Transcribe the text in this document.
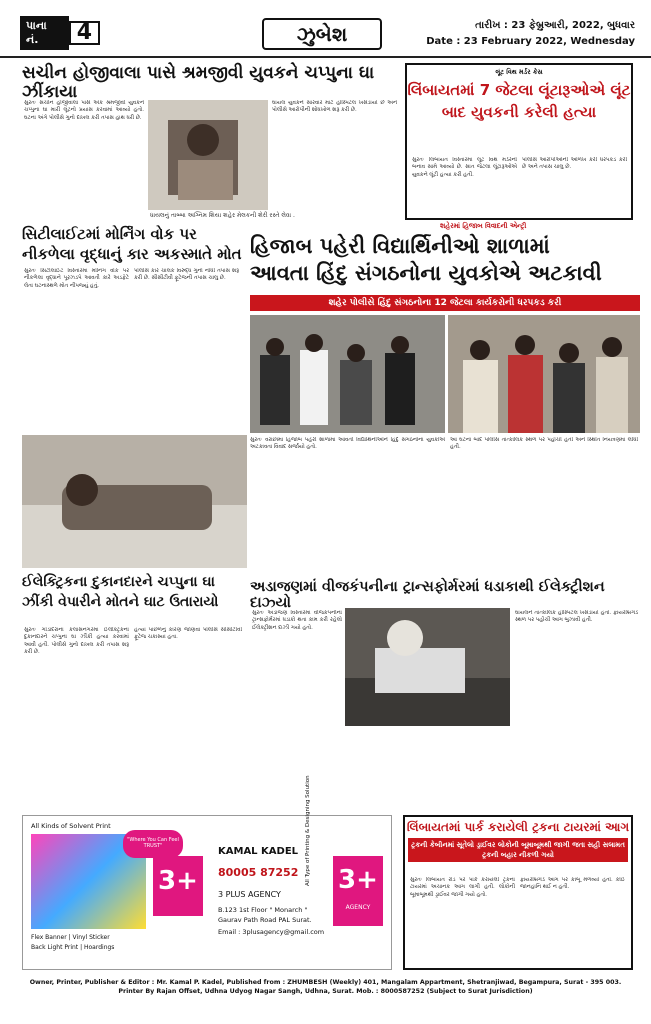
પાના નં.	4	ઝુબેશ	તારીખ : 23 ફેબ્રુઆરી, 2022, બુધવાર
Date : 23 February 2022, Wednesday
સચીન હોજીવાલા પાસે શ્રમજીવી યુવકને ચપ્પુના ઘા ઝીંકાયા
સુરતઃ સચીન હોજીવાલા પાસે એક શ્રમજીવી યુવકને ચપ્પુના ઘા મારી લૂંટનો પ્રયાસ કરવામાં આવ્યો હતો. ઘટના અંગે પોલીસે ગુનો દાખલ કરી તપાસ હાથ ધરી છે.
ધાયલનું તાબ્બા અગ્નિમ શિયા શહેર મેલકની શેરી રસ્તે લેવા .
ઘાયલ યુવકને સારવાર માટે હોસ્પિટલ ખસેડાયો છે અને પોલીસે આરોપીની શોધખોળ શરૂ કરી છે.
લૂંટ વિથ મર્ડર કેસ
લિંબાયતમાં 7 જેટલા લૂંટારૂઓએ લૂંટ બાદ યુવકની કરેલી હત્યા
સુરતઃ લિંબાયત વિસ્તારમાં લૂંટ વિથ મર્ડરનો બનાવ સામે આવ્યો છે. સાત જેટલા લૂંટારૂઓએ યુવકને લૂંટી હત્યા કરી હતી.
પોલીસે આરોપીઓની ઓળખ કરી ધરપકડ કરી છે અને તપાસ ચાલુ છે.
સિટીલાઈટમાં મોર્નિંગ વોક પર નીકળેલા વૃદ્ધાનું કાર અકસ્માતે મોત
સુરતઃ સિટીલાઈટ વિસ્તારમાં મોર્નિંગ વોક પર નીકળેલા વૃદ્ધાને પૂરઝડપે આવતી કારે અડફેટે લેતા ઘટનાસ્થળે મોત નીપજ્યું હતું.
પોલીસે કાર ચાલક વિરુદ્ધ ગુનો નોંધી તપાસ શરૂ કરી છે. સીસીટીવી ફૂટેજની તપાસ ચાલુ છે.
શહેરમાં હિજાબ વિવાદની એન્ટ્રી
હિજાબ પહેરી વિદ્યાર્થિનીઓ શાળામાં
આવતા હિંદુ સંગઠનોના યુવકોએ અટકાવી
શહેર પોલીસે હિંદુ સંગઠનોના 12 જેટલા કાર્યકરોની ધરપકડ કરી
સુરતઃ વરાછામાં હિજાબ પહેરી શાળામાં આવતી વિદ્યાર્થિનીઓને હિંદુ સંગઠનોના યુવકોએ અટકાવતા વિવાદ સર્જાયો હતો.
આ ઘટના બાદ પોલીસ તાત્કાલિક સ્થળ પર પહોંચી હતી અને સ્થિતિ નિયંત્રણમાં લીધી હતી.
ઈલેક્ટ્રિકના દુકાનદારને ચપ્પુના ઘા ઝીંકી વેપારીને મોતને ઘાટ ઉતારાયો
સુરતઃ ગોડાદરાના કૈલાસનગરમાં ઈલેક્ટ્રિકના દુકાનદારને ચપ્પુના ઘા ઝીંકી હત્યા કરવામાં આવી હતી. પોલીસે ગુનો દાખલ કરી તપાસ શરૂ કરી છે.
હત્યા પાછળનું કારણ જાણવા પોલીસે સીસીટીવી ફૂટેજ ચકાસ્યા હતા.
અડાજણમાં વીજકંપનીના ટ્રાન્સફોર્મરમાં ધડાકાથી ઈલેક્ટ્રીશન દાઝ્યો
સુરતઃ અડાજણ વિસ્તારમાં વીજકંપનીના ટ્રાન્સફોર્મરમાં ધડાકો થતા કામ કરી રહેલો ઈલેક્ટ્રીશન દાઝી ગયો હતો.
ઘાયલને તાત્કાલિક હોસ્પિટલ ખસેડાયો હતો. ફાયરબ્રિગેડે સ્થળ પર પહોંચી આગ બુઝાવી હતી.
All Kinds of Solvent Print
"Where You Can Feel TRUST"
3+
KAMAL KADEL
80005 87252
3 PLUS AGENCY
B.123 1st Floor " Monarch "
Gaurav Path Road PAL Surat.
Email : 3plusagency@gmail.com
Flex Banner | Vinyl Sticker
Back Light Print | Hoardings
All Type of Printing & Designing Solution 3+
AGENCY
લિંબાયતમાં પાર્ક કરાયેલી ટ્રકના ટાયરમાં આગ
ટ્રકની કેબીનમાં સૂતેલો ડ્રાઈવર લોકોની બૂમાબૂમથી જાગી જતા સહી સલામત ટ્રકની બહાર નીકળી ગયો
સુરતઃ લિંબાયત રોડ પર પાર્ક કરાયેલી ટ્રકના ટાયરમાં અચાનક આગ લાગી હતી. લોકોની બૂમાબૂમથી ડ્રાઈવર જાગી ગયો હતો.
ફાયરબ્રિગેડે આગ પર કાબૂ મેળવ્યો હતો. કોઈ જાનહાનિ થઈ ન હતી.
Owner, Printer, Publisher & Editor : Mr. Kamal P. Kadel, Published from : ZHUMBESH (Weekly) 401, Mangalam Appartment, Shetranjiwad, Begampura, Surat - 395 003.
Printer By Rajan Offset, Udhna Udyog Nagar Sangh, Udhna, Surat. Mob. : 8000587252 (Subject to Surat Jurisdiction)
